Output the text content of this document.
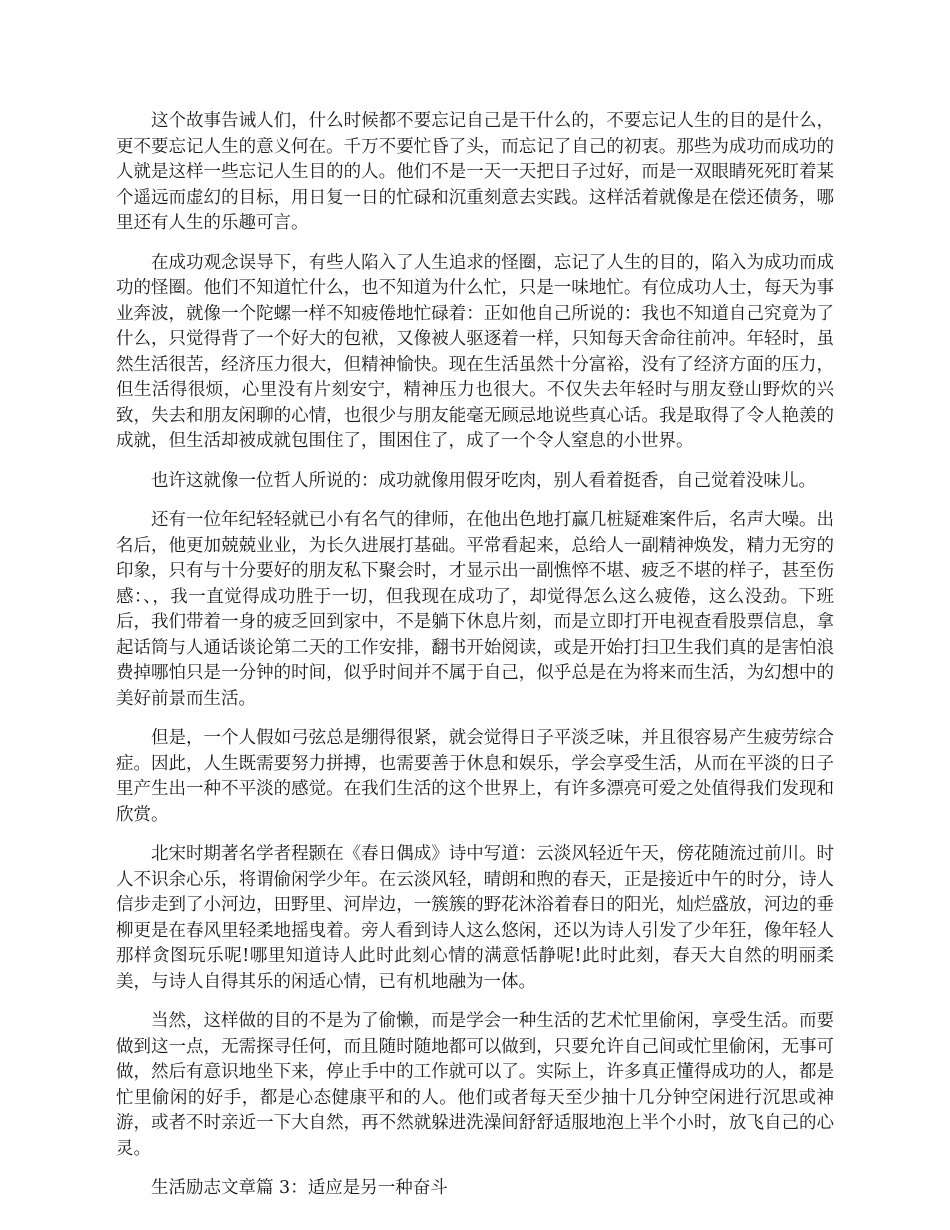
这个故事告诫人们，什么时候都不要忘记自己是干什么的，不要忘记人生的目的是什么，更不要忘记人生的意义何在。千万不要忙昏了头，而忘记了自己的初衷。那些为成功而成功的人就是这样一些忘记人生目的的人。他们不是一天一天把日子过好，而是一双眼睛死死盯着某个遥远而虚幻的目标，用日复一日的忙碌和沉重刻意去实践。这样活着就像是在偿还债务，哪里还有人生的乐趣可言。

在成功观念误导下，有些人陷入了人生追求的怪圈，忘记了人生的目的，陷入为成功而成功的怪圈。他们不知道忙什么，也不知道为什么忙，只是一味地忙。有位成功人士，每天为事业奔波，就像一个陀螺一样不知疲倦地忙碌着：正如他自己所说的：我也不知道自己究竟为了什么，只觉得背了一个好大的包袱，又像被人驱逐着一样，只知每天舍命往前冲。年轻时，虽然生活很苦，经济压力很大，但精神愉快。现在生活虽然十分富裕，没有了经济方面的压力，但生活得很烦，心里没有片刻安宁，精神压力也很大。不仅失去年轻时与朋友登山野炊的兴致，失去和朋友闲聊的心情，也很少与朋友能毫无顾忌地说些真心话。我是取得了令人艳羡的成就，但生活却被成就包围住了，围困住了，成了一个令人窒息的小世界。

也许这就像一位哲人所说的：成功就像用假牙吃肉，别人看着挺香，自己觉着没味儿。

还有一位年纪轻轻就已小有名气的律师，在他出色地打赢几桩疑难案件后，名声大噪。出名后，他更加兢兢业业，为长久进展打基础。平常看起来，总给人一副精神焕发，精力无穷的印象，只有与十分要好的朋友私下聚会时，才显示出一副憔悴不堪、疲乏不堪的样子，甚至伤感：、，我一直觉得成功胜于一切，但我现在成功了，却觉得怎么这么疲倦，这么没劲。下班后，我们带着一身的疲乏回到家中，不是躺下休息片刻，而是立即打开电视查看股票信息，拿起话筒与人通话谈论第二天的工作安排，翻书开始阅读，或是开始打扫卫生我们真的是害怕浪费掉哪怕只是一分钟的时间，似乎时间并不属于自己，似乎总是在为将来而生活，为幻想中的美好前景而生活。

但是，一个人假如弓弦总是绷得很紧，就会觉得日子平淡乏味，并且很容易产生疲劳综合症。因此，人生既需要努力拼搏，也需要善于休息和娱乐，学会享受生活，从而在平淡的日子里产生出一种不平淡的感觉。在我们生活的这个世界上，有许多漂亮可爱之处值得我们发现和欣赏。

北宋时期著名学者程颢在《春日偶成》诗中写道：云淡风轻近午天，傍花随流过前川。时人不识余心乐，将谓偷闲学少年。在云淡风轻，晴朗和煦的春天，正是接近中午的时分，诗人信步走到了小河边，田野里、河岸边，一簇簇的野花沐浴着春日的阳光，灿烂盛放，河边的垂柳更是在春风里轻柔地摇曳着。旁人看到诗人这么悠闲，还以为诗人引发了少年狂，像年轻人那样贪图玩乐呢!哪里知道诗人此时此刻心情的满意恬静呢!此时此刻，春天大自然的明丽柔美，与诗人自得其乐的闲适心情，已有机地融为一体。

当然，这样做的目的不是为了偷懒，而是学会一种生活的艺术忙里偷闲，享受生活。而要做到这一点，无需探寻任何，而且随时随地都可以做到，只要允许自己间或忙里偷闲，无事可做，然后有意识地坐下来，停止手中的工作就可以了。实际上，许多真正懂得成功的人，都是忙里偷闲的好手，都是心态健康平和的人。他们或者每天至少抽十几分钟空闲进行沉思或神游，或者不时亲近一下大自然，再不然就躲进洗澡间舒舒适服地泡上半个小时，放飞自己的心灵。

生活励志文章篇 3：适应是另一种奋斗
